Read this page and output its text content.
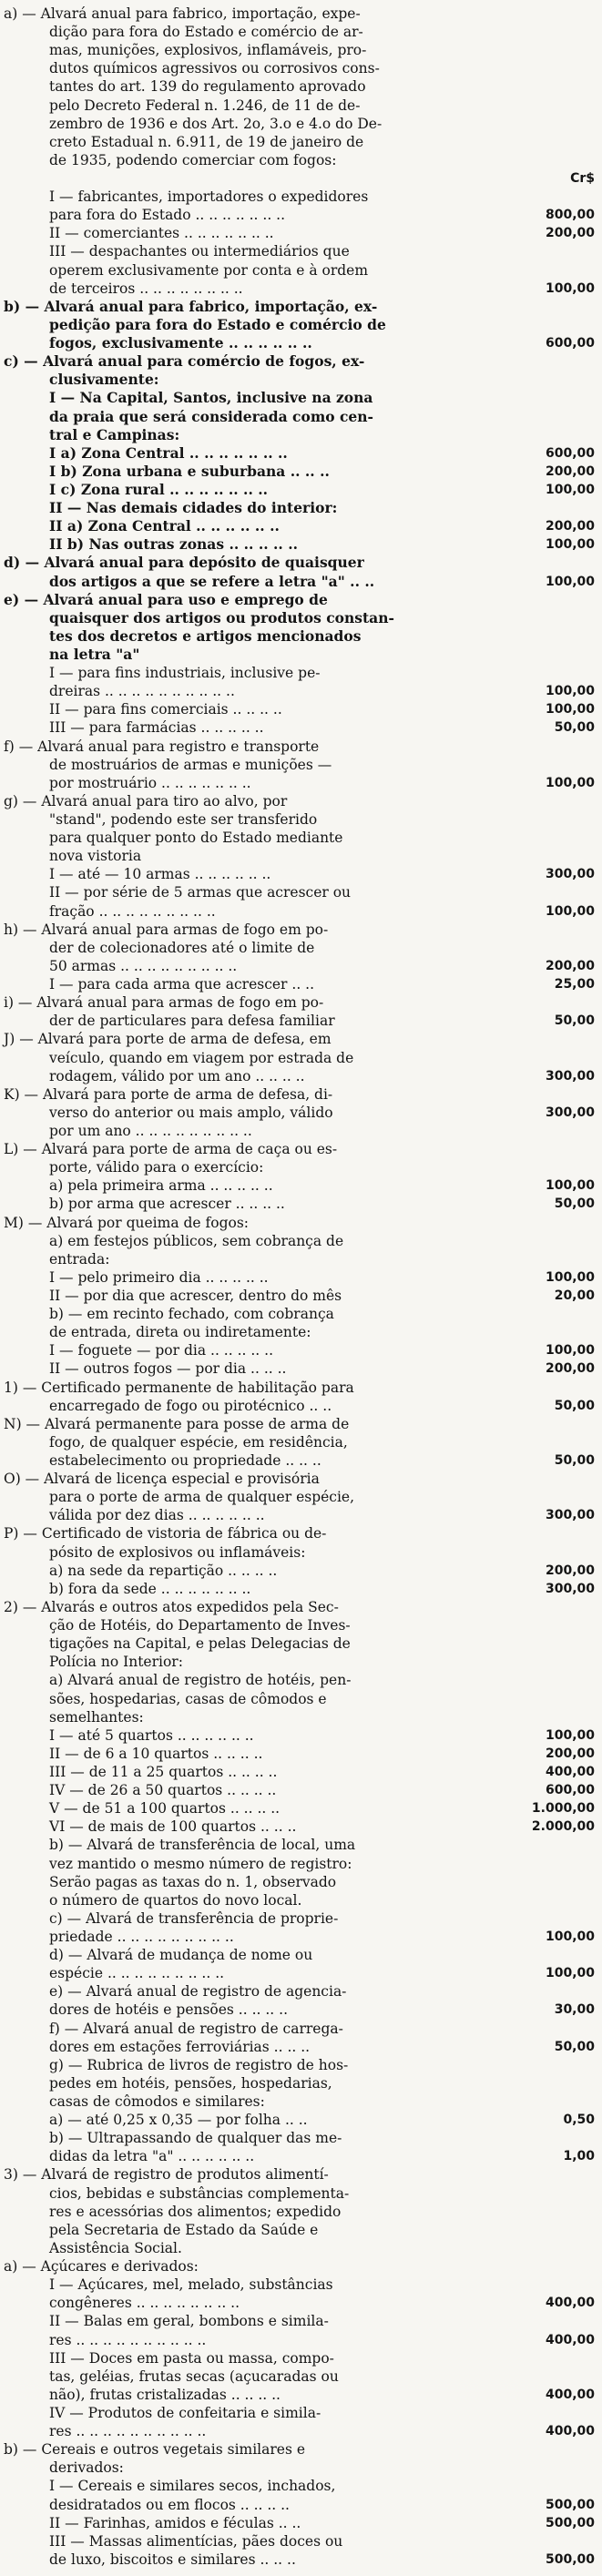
a) — Alvará anual para fabrico, importação, expe-
dição para fora do Estado e comércio de ar-
mas, munições, explosivos, inflamáveis, pro-
dutos químicos agressivos ou corrosivos cons-
tantes do art. 139 do regulamento aprovado
pelo Decreto Federal n. 1.246, de 11 de de-
zembro de 1936 e dos Art. 2o, 3.o e 4.o do De-
creto Estadual n. 6.911, de 19 de janeiro de
de 1935, podendo comerciar com fogos:
Cr$
I — fabricantes, importadores o expedidores
para fora do Estado .. .. .. .. .. .. ..	800,00
II — comerciantes .. .. .. .. .. .. ..	200,00
III — despachantes ou intermediários que
operem exclusivamente por conta e à ordem
de terceiros .. .. .. .. .. .. .. ..	100,00
b) — Alvará anual para fabrico, importação, ex-
pedição para fora do Estado e comércio de
fogos, exclusivamente .. .. .. .. .. ..	600,00
c) — Alvará anual para comércio de fogos, ex-
clusivamente:
I — Na Capital, Santos, inclusive na zona
da praia que será considerada como cen-
tral e Campinas:
I a) Zona Central .. .. .. .. .. .. ..	600,00
I b) Zona urbana e suburbana .. .. ..	200,00
I c) Zona rural .. .. .. .. .. .. ..	100,00
II — Nas demais cidades do interior:
II a) Zona Central .. .. .. .. .. ..	200,00
II b) Nas outras zonas .. .. .. .. ..	100,00
d) — Alvará anual para depósito de quaisquer
dos artigos a que se refere a letra "a" .. ..	100,00
e) — Alvará anual para uso e emprego de
quaisquer dos artigos ou produtos constan-
tes dos decretos e artigos mencionados
na letra "a"
I — para fins industriais, inclusive pe-
dreiras .. .. .. .. .. .. .. .. .. ..	100,00
II — para fins comerciais .. .. .. ..	100,00
III — para farmácias .. .. .. .. ..	50,00
f) — Alvará anual para registro e transporte
de mostruários de armas e munições —
por mostruário .. .. .. .. .. .. ..	100,00
g) — Alvará anual para tiro ao alvo, por
"stand", podendo este ser transferido
para qualquer ponto do Estado mediante
nova vistoria
I — até — 10 armas .. .. .. .. .. ..	300,00
II — por série de 5 armas que acrescer ou
fração .. .. .. .. .. .. .. .. ..	100,00
h) — Alvará anual para armas de fogo em po-
der de colecionadores até o limite de
50 armas .. .. .. .. .. .. .. .. ..	200,00
I — para cada arma que acrescer .. ..	25,00
i) — Alvará anual para armas de fogo em po-
der de particulares para defesa familiar	50,00
J) — Alvará para porte de arma de defesa, em
veículo, quando em viagem por estrada de
rodagem, válido por um ano .. .. .. ..	300,00
K) — Alvará para porte de arma de defesa, di-
verso do anterior ou mais amplo, válido	300,00
por um ano .. .. .. .. .. .. .. .. ..
L) — Alvará para porte de arma de caça ou es-
porte, válido para o exercício:
a) pela primeira arma .. .. .. .. ..	100,00
b) por arma que acrescer .. .. .. ..	50,00
M) — Alvará por queima de fogos:
a) em festejos públicos, sem cobrança de
entrada:
I — pelo primeiro dia .. .. .. .. ..	100,00
II — por dia que acrescer, dentro do mês	20,00
b) — em recinto fechado, com cobrança
de entrada, direta ou indiretamente:
I — foguete — por dia .. .. .. .. ..	100,00
II — outros fogos — por dia .. .. ..	200,00
1) — Certificado permanente de habilitação para
encarregado de fogo ou pirotécnico .. ..	50,00
N) — Alvará permanente para posse de arma de
fogo, de qualquer espécie, em residência,
estabelecimento ou propriedade .. .. ..	50,00
O) — Alvará de licença especial e provisória
para o porte de arma de qualquer espécie,
válida por dez dias .. .. .. .. .. ..	300,00
P) — Certificado de vistoria de fábrica ou de-
pósito de explosivos ou inflamáveis:
a) na sede da repartição .. .. .. ..	200,00
b) fora da sede .. .. .. .. .. .. ..	300,00
2) — Alvarás e outros atos expedidos pela Sec-
ção de Hotéis, do Departamento de Inves-
tigações na Capital, e pelas Delegacias de
Polícia no Interior:
a) Alvará anual de registro de hotéis, pen-
sões, hospedarias, casas de cômodos e
semelhantes:
I — até 5 quartos .. .. .. .. .. ..	100,00
II — de 6 a 10 quartos .. .. .. ..	200,00
III — de 11 a 25 quartos .. .. .. ..	400,00
IV — de 26 a 50 quartos .. .. .. ..	600,00
V — de 51 a 100 quartos .. .. .. ..	1.000,00
VI — de mais de 100 quartos .. .. ..	2.000,00
b) — Alvará de transferência de local, uma
vez mantido o mesmo número de registro:
Serão pagas as taxas do n. 1, observado
o número de quartos do novo local.
c) — Alvará de transferência de proprie-
priedade .. .. .. .. .. .. .. .. ..	100,00
d) — Alvará de mudança de nome ou
espécie .. .. .. .. .. .. .. .. ..	100,00
e) — Alvará anual de registro de agencia-
dores de hotéis e pensões .. .. .. ..	30,00
f) — Alvará anual de registro de carrega-
dores em estações ferroviárias .. .. ..	50,00
g) — Rubrica de livros de registro de hos-
pedes em hotéis, pensões, hospedarias,
casas de cômodos e similares:
a) — até 0,25 x 0,35 — por folha .. ..	0,50
b) — Ultrapassando de qualquer das me-
didas da letra "a" .. .. .. .. .. ..	1,00
3) — Alvará de registro de produtos alimentí-
cios, bebidas e substâncias complementa-
res e acessórias dos alimentos; expedido
pela Secretaria de Estado da Saúde e
Assistência Social.
a) — Açúcares e derivados:
I — Açúcares, mel, melado, substâncias
congêneres .. .. .. .. .. .. .. ..	400,00
II — Balas em geral, bombons e simila-
res .. .. .. .. .. .. .. .. .. ..	400,00
III — Doces em pasta ou massa, compo-
tas, geléias, frutas secas (açucaradas ou
não), frutas cristalizadas .. .. .. ..	400,00
IV — Produtos de confeitaria e simila-
res .. .. .. .. .. .. .. .. .. ..	400,00
b) — Cereais e outros vegetais similares e
derivados:
I — Cereais e similares secos, inchados,
desidratados ou em flocos .. .. .. ..	500,00
II — Farinhas, amidos e féculas .. ..	500,00
III — Massas alimentícias, pães doces ou
de luxo, biscoitos e similares .. .. ..	500,00
